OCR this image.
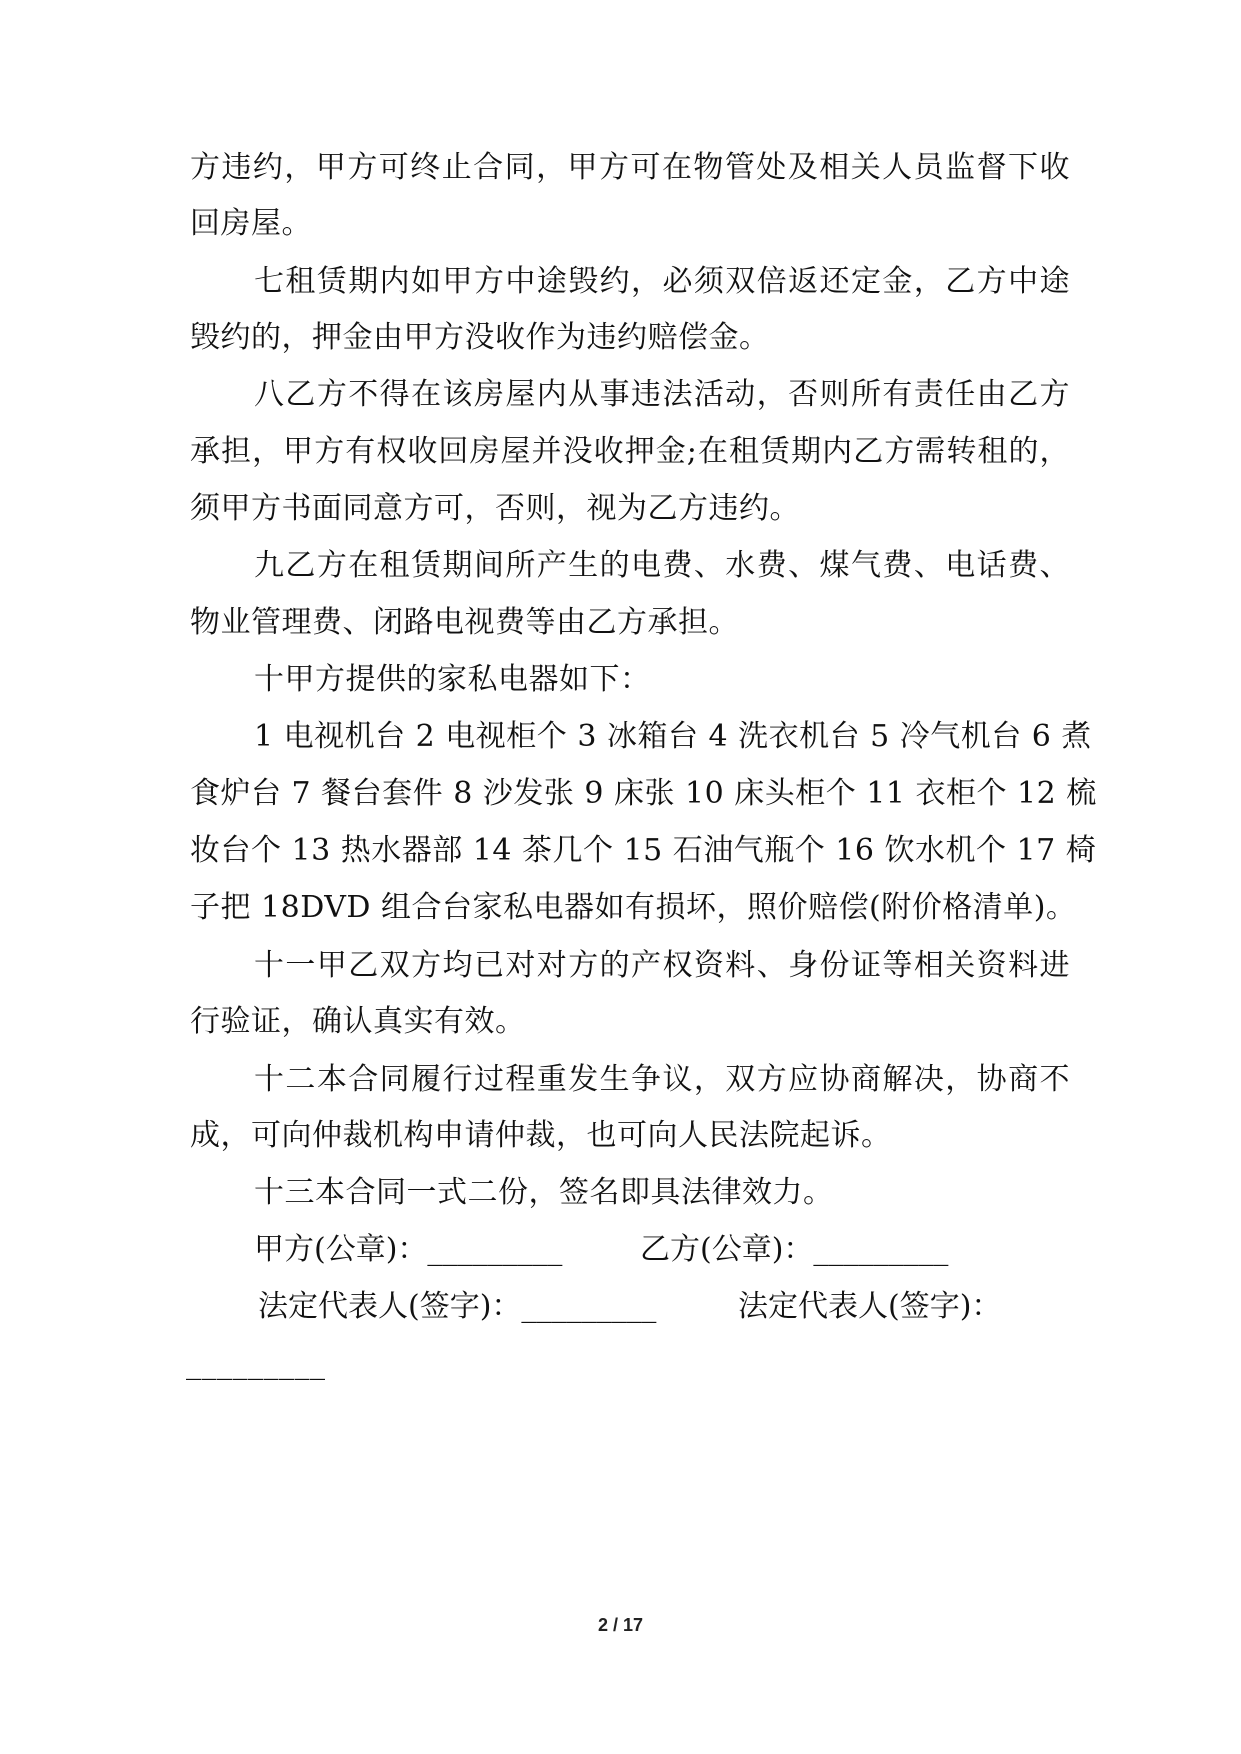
方违约，甲方可终止合同，甲方可在物管处及相关人员监督下收
回房屋。
七租赁期内如甲方中途毁约，必须双倍返还定金，乙方中途
毁约的，押金由甲方没收作为违约赔偿金。
八乙方不得在该房屋内从事违法活动，否则所有责任由乙方
承担，甲方有权收回房屋并没收押金;在租赁期内乙方需转租的，
须甲方书面同意方可，否则，视为乙方违约。
九乙方在租赁期间所产生的电费、水费、煤气费、电话费、
物业管理费、闭路电视费等由乙方承担。
十甲方提供的家私电器如下：
1 电视机台 2 电视柜个 3 冰箱台 4 洗衣机台 5 冷气机台 6 煮
食炉台 7 餐台套件 8 沙发张 9 床张 10 床头柜个 11 衣柜个 12 梳
妆台个 13 热水器部 14 茶几个 15 石油气瓶个 16 饮水机个 17 椅
子把 18DVD 组合台家私电器如有损坏，照价赔偿(附价格清单)。
十一甲乙双方均已对对方的产权资料、身份证等相关资料进
行验证，确认真实有效。
十二本合同履行过程重发生争议，双方应协商解决，协商不
成，可向仲裁机构申请仲裁，也可向人民法院起诉。
十三本合同一式二份，签名即具法律效力。
甲方(公章)：_________	乙方(公章)：_________
法定代表人(签字)：_________	法定代表人(签字)：
_________
2 / 17
